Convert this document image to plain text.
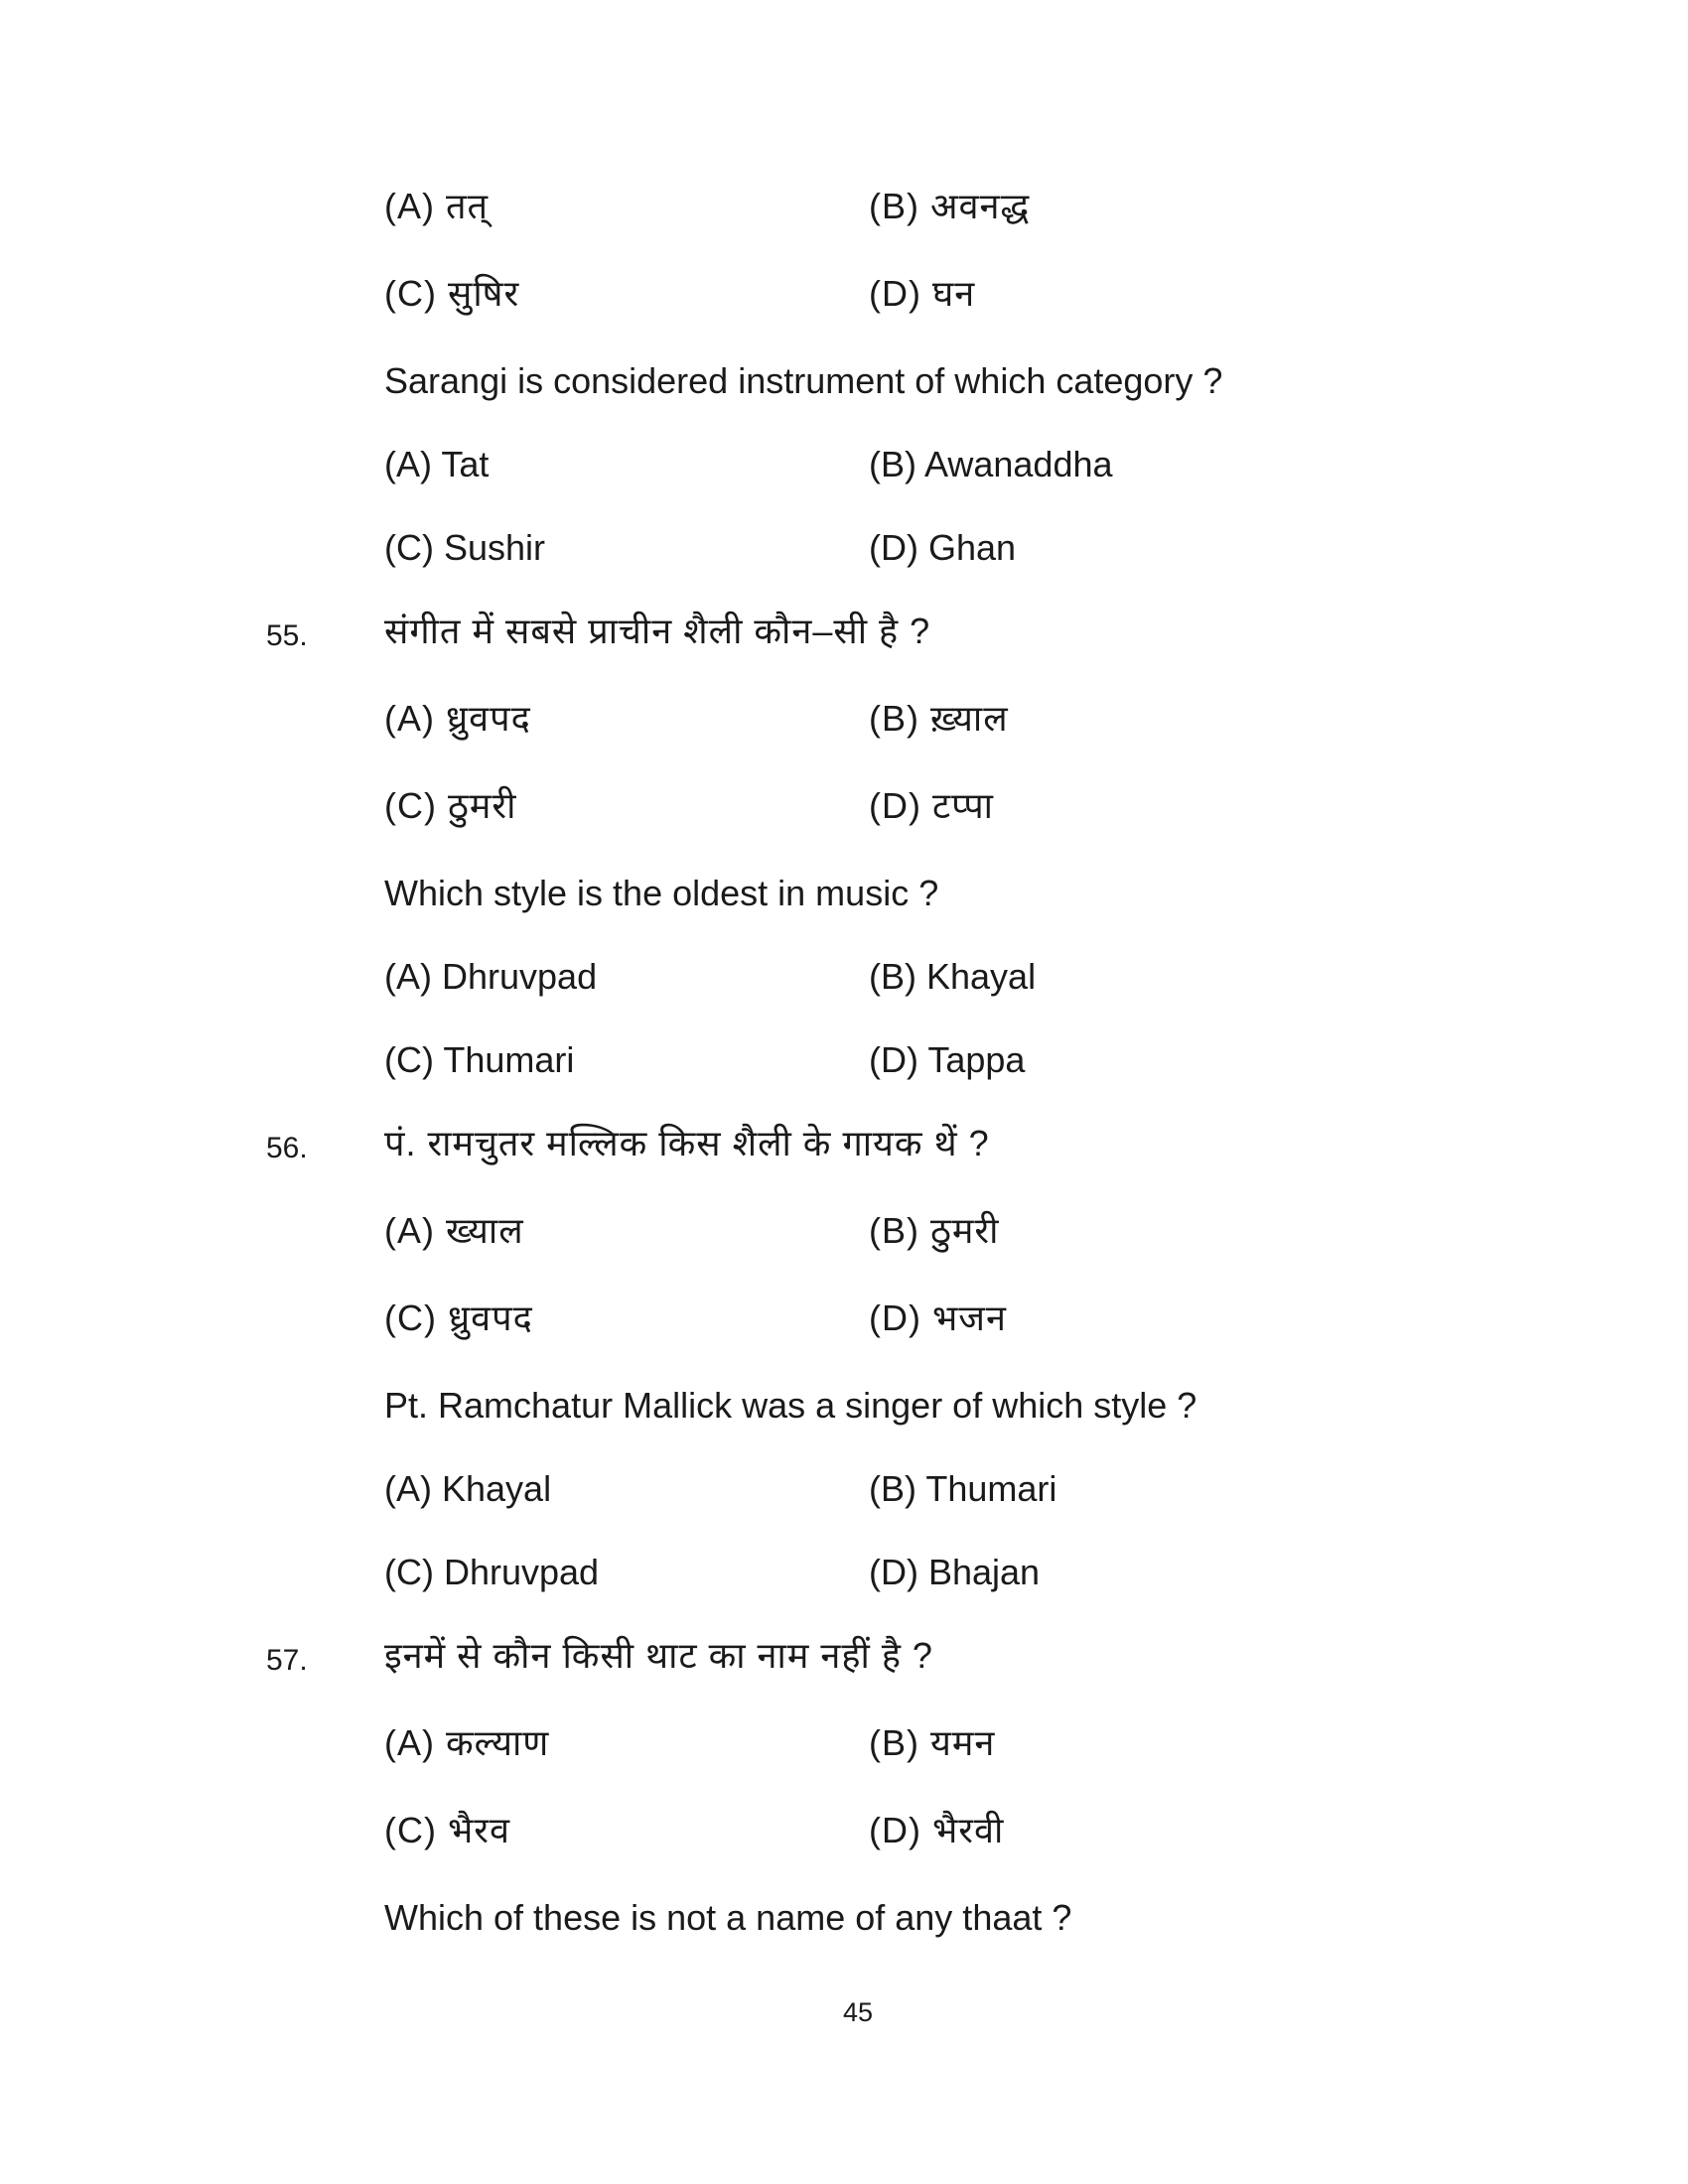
(A) तत्	(B) अवनद्ध
(C) सुषिर	(D) घन
Sarangi is considered instrument of which category ?
(A) Tat	(B) Awanaddha
(C) Sushir	(D) Ghan
55. संगीत में सबसे प्राचीन शैली कौन–सी है ?
(A) ध्रुवपद	(B) ख़्याल
(C) ठुमरी	(D) टप्पा
Which style is the oldest in music ?
(A) Dhruvpad	(B) Khayal
(C) Thumari	(D) Tappa
56. पं. रामचुतर मल्लिक किस शैली के गायक थें ?
(A) ख्याल	(B) ठुमरी
(C) ध्रुवपद	(D) भजन
Pt. Ramchatur Mallick was a singer of which style ?
(A) Khayal	(B) Thumari
(C) Dhruvpad	(D) Bhajan
57. इनमें से कौन किसी थाट का नाम नहीं है ?
(A) कल्याण	(B) यमन
(C) भैरव	(D) भैरवी
Which of these is not a name of any thaat ?
45
